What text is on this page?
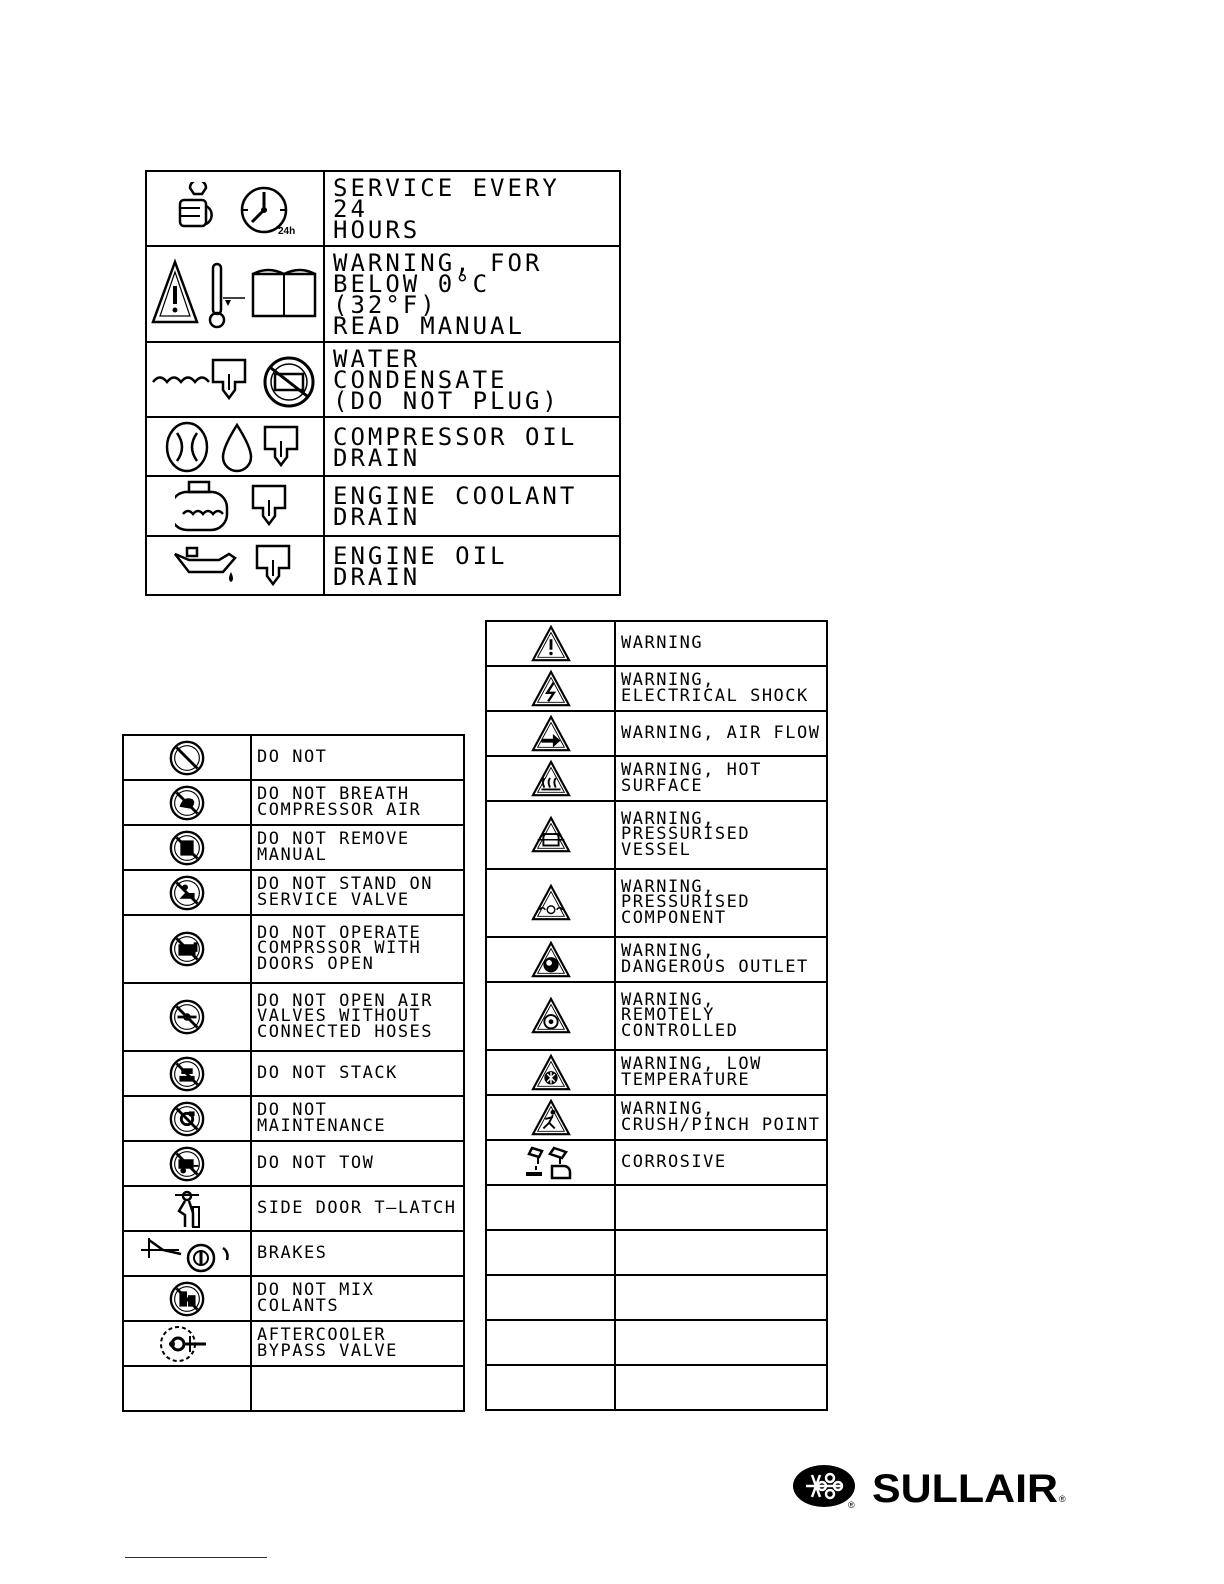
24h	SERVICE EVERY 24
HOURS

WARNING, FOR
BELOW 0°C (32°F)
READ MANUAL

WATER CONDENSATE
(DO NOT PLUG)

COMPRESSOR OIL
DRAIN

ENGINE COOLANT
DRAIN

ENGINE OIL DRAIN

DO NOT

DO NOT BREATH
COMPRESSOR AIR

DO NOT REMOVE
MANUAL

DO NOT STAND ON
SERVICE VALVE

DO NOT OPERATE
COMPRSSOR WITH
DOORS OPEN

DO NOT OPEN AIR
VALVES WITHOUT
CONNECTED HOSES

DO NOT STACK

DO NOT
MAINTENANCE

DO NOT TOW

SIDE DOOR T—LATCH

BRAKES

DO NOT MIX
COLANTS

AFTERCOOLER
BYPASS VALVE

WARNING

WARNING,
ELECTRICAL SHOCK

WARNING, AIR FLOW

WARNING, HOT
SURFACE

WARNING,
PRESSURISED
VESSEL

WARNING,
PRESSURISED
COMPONENT

WARNING,
DANGEROUS OUTLET

WARNING,
REMOTELY
CONTROLLED

WARNING, LOW
TEMPERATURE

WARNING,
CRUSH/PINCH POINT

CORROSIVE

® SULLAIR ®
